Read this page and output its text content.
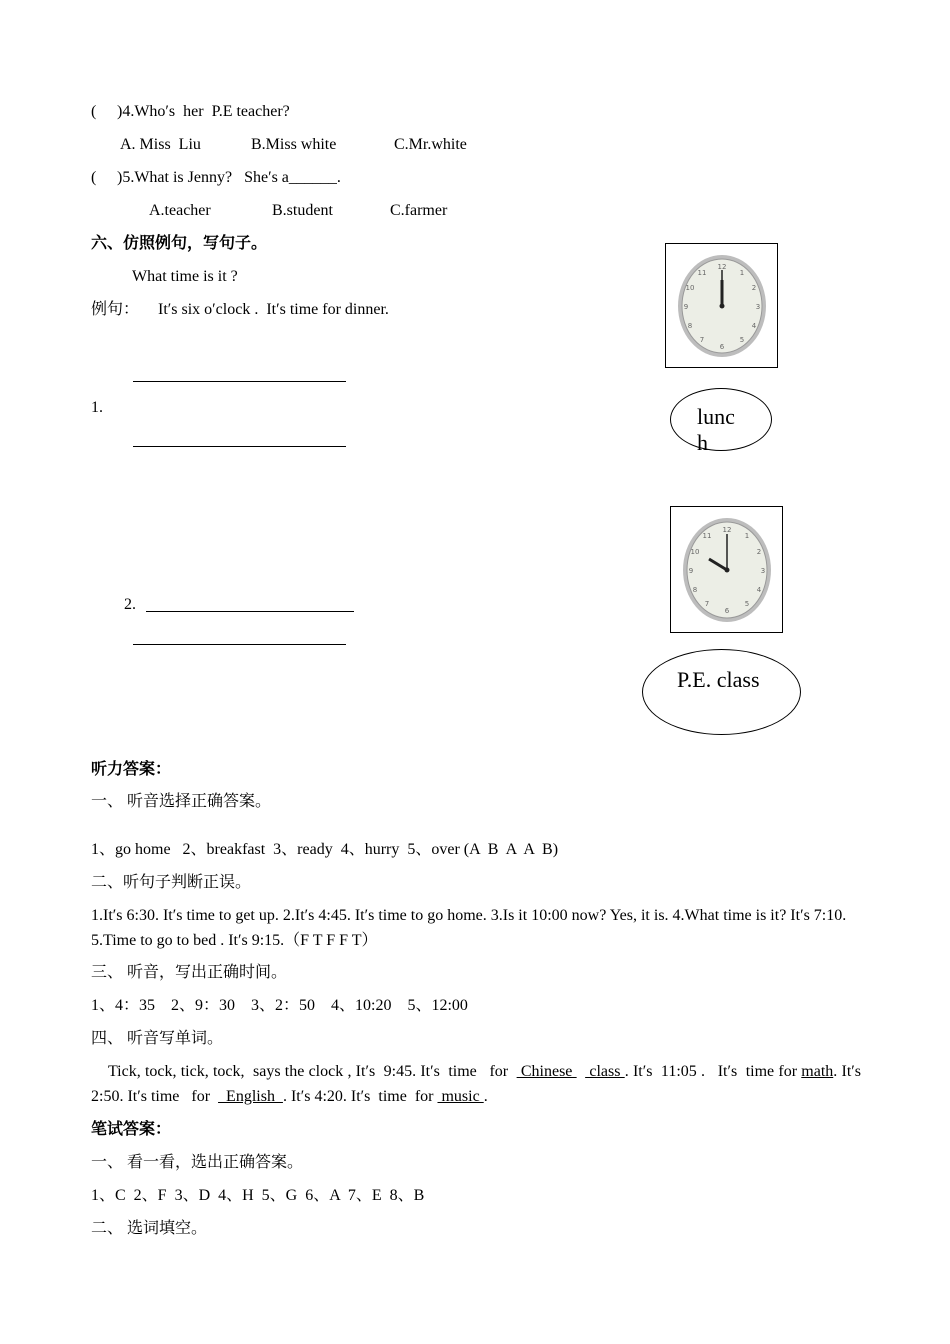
( )4.Who′s  her  P.E teacher?
A. Miss  Liu	B.Miss white	C.Mr.white
( )5.What is Jenny?   She′s a______.
A.teacher	B.student	C.farmer
六、仿照例句，写句子。
What time is it ?
例句： It′s six o′clock .  It′s time for dinner.
1.
2.
12
1
2
3
4
5
6
7
8
9
10
11
lunc
h
12
1
2
3
4
5
6
7
8
9
10
11
P.E. class
听力答案：
一、 听音选择正确答案。
1、go home   2、breakfast  3、ready  4、hurry  5、over (A  B  A  A  B)
二、听句子判断正误。
1.It′s 6:30. It′s time to get up. 2.It′s 4:45. It′s time to go home. 3.Is it 10:00 now? Yes, it is. 4.What time is it? It′s 7:10. 5.Time to go to bed . It′s 9:15.（F T F F T）
三、 听音，写出正确时间。
1、4：35    2、9：30    3、2：50    4、10:20    5、12:00
四、 听音写单词。
Tick, tock, tick, tock,  says the clock , It′s  9:45. It′s  time   for   Chinese    class . It′s  11:05 .   It′s  time for math. It′s   2:50. It′s time   for    English  . It′s 4:20. It′s  time  for  music .
笔试答案：
一、 看一看，选出正确答案。
1、C  2、F  3、D  4、H  5、G  6、A  7、E  8、B
二、 选词填空。
